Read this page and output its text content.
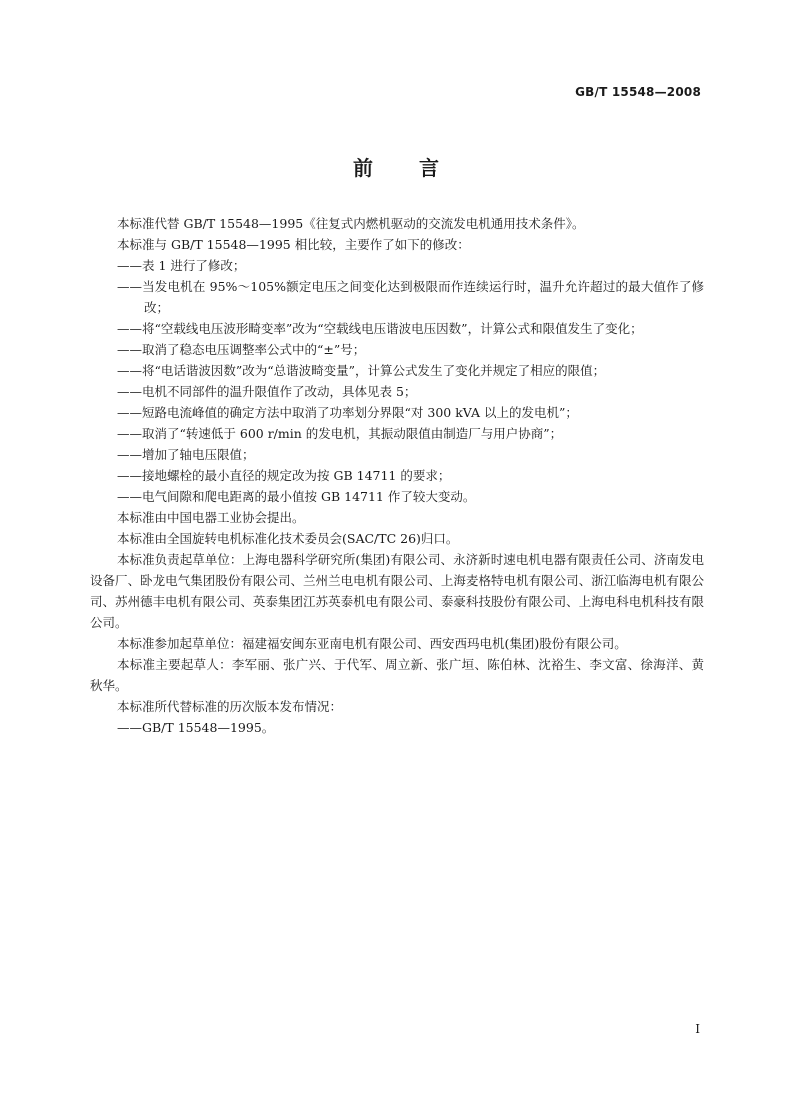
GB/T 15548—2008
前言

本标准代替 GB/T 15548—1995《往复式内燃机驱动的交流发电机通用技术条件》。

本标准与 GB/T 15548—1995 相比较，主要作了如下的修改：

——表 1 进行了修改；

——当发电机在 95%～105%额定电压之间变化达到极限而作连续运行时，温升允许超过的最大值作了修改；

——将“空载线电压波形畸变率”改为“空载线电压谐波电压因数”，计算公式和限值发生了变化；

——取消了稳态电压调整率公式中的“±”号；

——将“电话谐波因数”改为“总谐波畸变量”，计算公式发生了变化并规定了相应的限值；

——电机不同部件的温升限值作了改动，具体见表 5；

——短路电流峰值的确定方法中取消了功率划分界限“对 300 kVA 以上的发电机”；

——取消了“转速低于 600 r/min 的发电机，其振动限值由制造厂与用户协商”；

——增加了轴电压限值；

——接地螺栓的最小直径的规定改为按 GB 14711 的要求；

——电气间隙和爬电距离的最小值按 GB 14711 作了较大变动。

本标准由中国电器工业协会提出。

本标准由全国旋转电机标准化技术委员会(SAC/TC 26)归口。

本标准负责起草单位：上海电器科学研究所(集团)有限公司、永济新时速电机电器有限责任公司、济南发电设备厂、卧龙电气集团股份有限公司、兰州兰电电机有限公司、上海麦格特电机有限公司、浙江临海电机有限公司、苏州德丰电机有限公司、英泰集团江苏英泰机电有限公司、泰豪科技股份有限公司、上海电科电机科技有限公司。

本标准参加起草单位：福建福安闽东亚南电机有限公司、西安西玛电机(集团)股份有限公司。

本标准主要起草人：李军丽、张广兴、于代军、周立新、张广垣、陈伯林、沈裕生、李文富、徐海洋、黄秋华。

本标准所代替标准的历次版本发布情况：

——GB/T 15548—1995。

I
